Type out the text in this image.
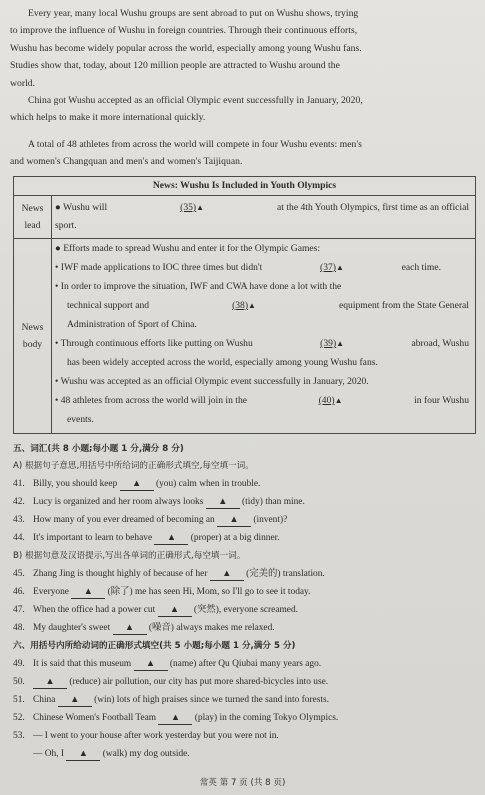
Every year, many local Wushu groups are sent abroad to put on Wushu shows, trying
to improve the influence of Wushu in foreign countries. Through their continuous efforts,
Wushu has become widely popular across the world, especially among young Wushu fans.
Studies show that, today, about 120 million people are attracted to Wushu around the
world.

China got Wushu accepted as an official Olympic event successfully in January, 2020,
which helps to make it more international quickly.

A total of 48 athletes from across the world will compete in four Wushu events: men's
and women's Changquan and men's and women's Taijiquan.

News: Wushu Is Included in Youth Olympics
News
lead
● Wushu will	(35)▲	at the 4th Youth Olympics, first time as an official
sport.
News
body
● Efforts made to spread Wushu and enter it for the Olympic Games:
• IWF made applications to IOC three times but didn't	(37)▲	each time.
• In order to improve the situation, IWF and CWA have done a lot with the
technical support and	(38)▲	equipment from the State General
Administration of Sport of China.
• Through continuous efforts like putting on Wushu	(39)▲	abroad, Wushu
has been widely accepted across the world, especially among young Wushu fans.
• Wushu was accepted as an official Olympic event successfully in January, 2020.
• 48 athletes from across the world will join in the	(40)▲	in four Wushu
events.

五、词汇(共 8 小题;每小题 1 分,满分 8 分)

A) 根据句子意思,用括号中所给词的正确形式填空,每空填一词。

41. Billy, you should keep ▲ (you) calm when in trouble.

42. Lucy is organized and her room always looks ▲ (tidy) than mine.

43. How many of you ever dreamed of becoming an ▲ (invent)?

44. It's important to learn to behave ▲ (proper) at a big dinner.

B) 根据句意及汉语提示,写出各单词的正确形式,每空填一词。

45. Zhang Jing is thought highly of because of her ▲ (完美的) translation.

46. Everyone ▲ (除了) me has seen Hi, Mom, so I'll go to see it today.

47. When the office had a power cut ▲ (突然), everyone screamed.

48. My daughter's sweet ▲ (噪音) always makes me relaxed.

六、用括号内所给动词的正确形式填空(共 5 小题;每小题 1 分,满分 5 分)

49. It is said that this museum ▲ (name) after Qu Qiubai many years ago.

50. ▲ (reduce) air pollution, our city has put more shared-bicycles into use.

51. China ▲ (win) lots of high praises since we turned the sand into forests.

52. Chinese Women's Football Team ▲ (play) in the coming Tokyo Olympics.

53. — I went to your house after work yesterday but you were not in.

— Oh, I ▲ (walk) my dog outside.

常英 第 7 页 (共 8 页)
